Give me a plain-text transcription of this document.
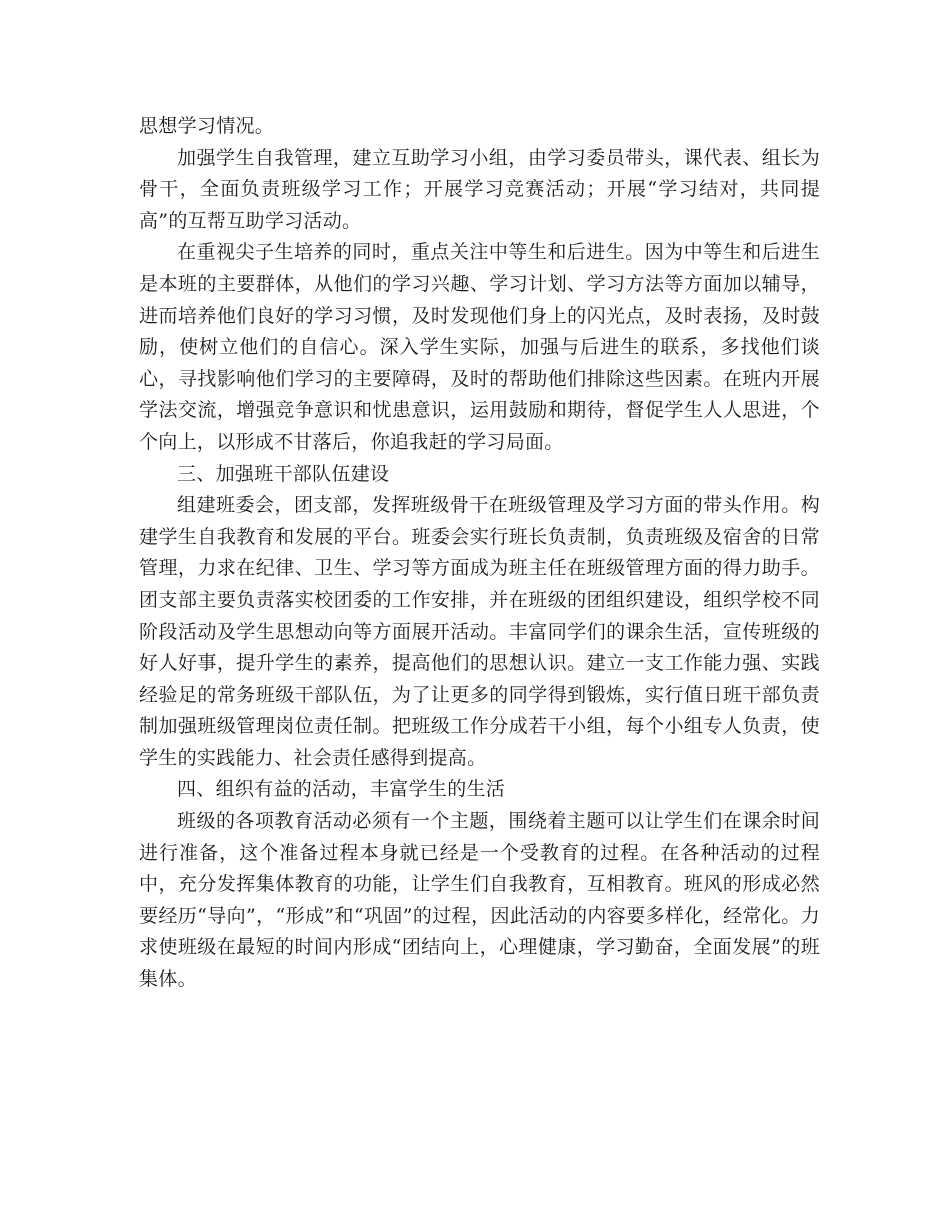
思想学习情况。

加强学生自我管理，建立互助学习小组，由学习委员带头，课代表、组长为骨干，全面负责班级学习工作；开展学习竞赛活动；开展“学习结对，共同提高”的互帮互助学习活动。

在重视尖子生培养的同时，重点关注中等生和后进生。因为中等生和后进生是本班的主要群体，从他们的学习兴趣、学习计划、学习方法等方面加以辅导，进而培养他们良好的学习习惯，及时发现他们身上的闪光点，及时表扬，及时鼓励，使树立他们的自信心。深入学生实际，加强与后进生的联系，多找他们谈心，寻找影响他们学习的主要障碍，及时的帮助他们排除这些因素。在班内开展学法交流，增强竞争意识和忧患意识，运用鼓励和期待，督促学生人人思进，个个向上，以形成不甘落后，你追我赶的学习局面。

三、加强班干部队伍建设

组建班委会，团支部，发挥班级骨干在班级管理及学习方面的带头作用。构建学生自我教育和发展的平台。班委会实行班长负责制，负责班级及宿舍的日常管理，力求在纪律、卫生、学习等方面成为班主任在班级管理方面的得力助手。团支部主要负责落实校团委的工作安排，并在班级的团组织建设，组织学校不同阶段活动及学生思想动向等方面展开活动。丰富同学们的课余生活，宣传班级的好人好事，提升学生的素养，提高他们的思想认识。建立一支工作能力强、实践经验足的常务班级干部队伍，为了让更多的同学得到锻炼，实行值日班干部负责制加强班级管理岗位责任制。把班级工作分成若干小组，每个小组专人负责，使学生的实践能力、社会责任感得到提高。

四、组织有益的活动，丰富学生的生活

班级的各项教育活动必须有一个主题，围绕着主题可以让学生们在课余时间进行准备，这个准备过程本身就已经是一个受教育的过程。在各种活动的过程中，充分发挥集体教育的功能，让学生们自我教育，互相教育。班风的形成必然要经历“导向”，“形成”和“巩固”的过程，因此活动的内容要多样化，经常化。力求使班级在最短的时间内形成“团结向上，心理健康，学习勤奋，全面发展”的班集体。
